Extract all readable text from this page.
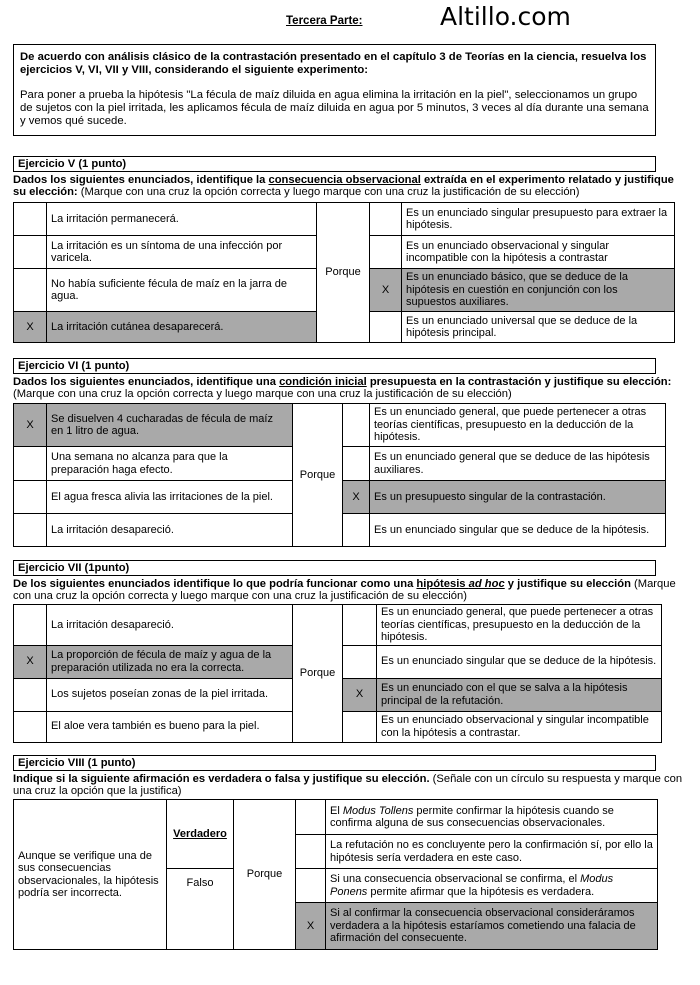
Tercera Parte:	Altillo.com
De acuerdo con análisis clásico de la contrastación presentado en el capítulo 3 de Teorías en la ciencia, resuelva los ejercicios V, VI, VII y VIII, considerando el siguiente experimento:
Para poner a prueba la hipótesis "La fécula de maíz diluida en agua elimina la irritación en la piel", seleccionamos un grupo de sujetos con la piel irritada, les aplicamos fécula de maíz diluida en agua por 5 minutos, 3 veces al día durante una semana y vemos qué sucede.
Ejercicio V (1 punto)
Dados los siguientes enunciados, identifique la consecuencia observacional extraída en el experimento relatado y justifique su elección: (Marque con una cruz la opción correcta y luego marque con una cruz la justificación de su elección)
	La irritación permanecerá.	Porque		Es un enunciado singular presupuesto para extraer la hipótesis.
	La irritación es un síntoma de una infección por varicela.			Es un enunciado observacional y singular incompatible con la hipótesis a contrastar
	No había suficiente fécula de maíz en la jarra de agua.		X	Es un enunciado básico, que se deduce de la hipótesis en cuestión en conjunción con los supuestos auxiliares.
X	La irritación cutánea desaparecerá.			Es un enunciado universal que se deduce de la hipótesis principal.
Ejercicio VI (1 punto)
Dados los siguientes enunciados, identifique una condición inicial presupuesta en la contrastación y justifique su elección: (Marque con una cruz la opción correcta y luego marque con una cruz la justificación de su elección)
X	Se disuelven 4 cucharadas de fécula de maíz en 1 litro de agua.	Porque		Es un enunciado general, que puede pertenecer a otras teorías científicas, presupuesto en la deducción de la hipótesis.
	Una semana no alcanza para que la preparación haga efecto.			Es un enunciado general que se deduce de las hipótesis auxiliares.
	El agua fresca alivia las irritaciones de la piel.		X	Es un presupuesto singular de la contrastación.
	La irritación desapareció.			Es un enunciado singular que se deduce de la hipótesis.
Ejercicio VII (1punto)
De los siguientes enunciados identifique lo que podría funcionar como una hipótesis ad hoc y justifique su elección (Marque con una cruz la opción correcta y luego marque con una cruz la justificación de su elección)
	La irritación desapareció.	Porque		Es un enunciado general, que puede pertenecer a otras teorías científicas, presupuesto en la deducción de la hipótesis.
X	La proporción de fécula de maíz y agua de la preparación utilizada no era la correcta.			Es un enunciado singular que se deduce de la hipótesis.
	Los sujetos poseían zonas de la piel irritada.		X	Es un enunciado con el que se salva a la hipótesis principal de la refutación.
	El aloe vera también es bueno para la piel.			Es un enunciado observacional y singular incompatible con la hipótesis a contrastar.
Ejercicio VIII (1 punto)
Indique si la siguiente afirmación es verdadera o falsa y justifique su elección. (Señale con un círculo su respuesta y marque con una cruz la opción que la justifica)
Aunque se verifique una de sus consecuencias observacionales, la hipótesis podría ser incorrecta.	Verdadero	Porque		El Modus Tollens permite confirmar la hipótesis cuando se confirma alguna de sus consecuencias observacionales.
				La refutación no es concluyente pero la confirmación sí, por ello la hipótesis sería verdadera en este caso.
	Falso			Si una consecuencia observacional se confirma, el Modus Ponens permite afirmar que la hipótesis es verdadera.
			X	Si al confirmar la consecuencia observacional consideráramos verdadera a la hipótesis estaríamos cometiendo una falacia de afirmación del consecuente.
